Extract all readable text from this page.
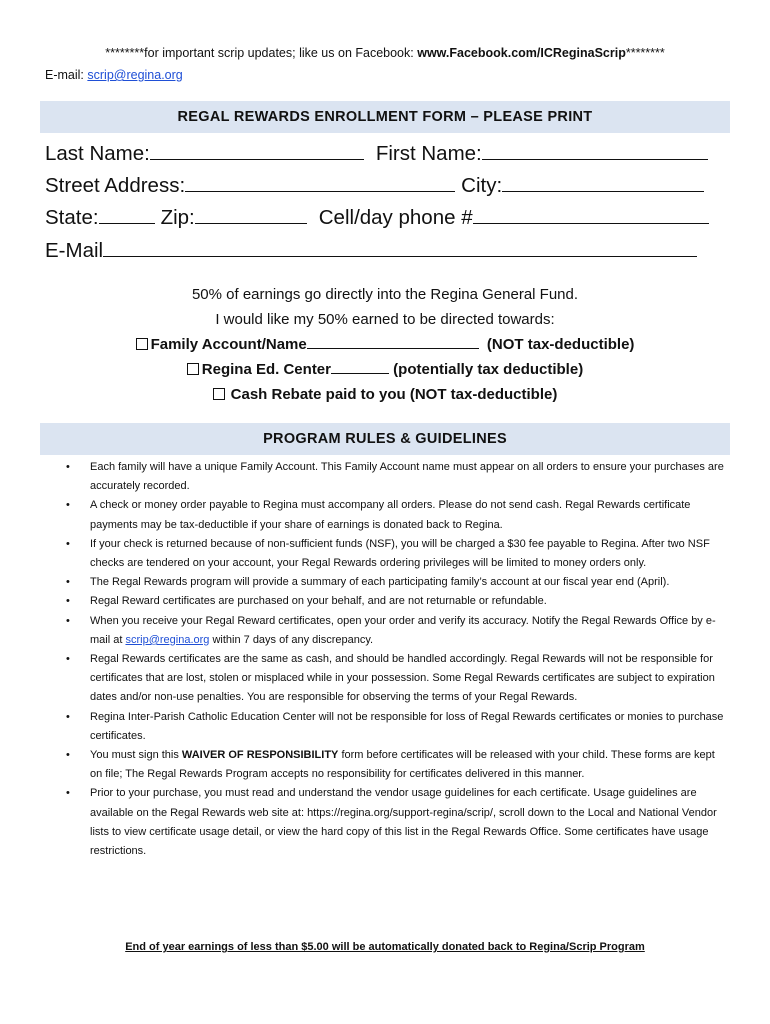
********for important scrip updates; like us on Facebook: www.Facebook.com/ICReginaScrip********
E-mail: scrip@regina.org
REGAL REWARDS ENROLLMENT FORM – PLEASE PRINT
Last Name:	First Name:
Street Address:	City:
State:	Zip:	Cell/day phone #
E-Mail
50% of earnings go directly into the Regina General Fund.
I would like my 50% earned to be directed towards:
Family Account/Name	(NOT tax-deductible)
Regina Ed. Center	(potentially tax deductible)
Cash Rebate paid to you (NOT tax-deductible)
PROGRAM RULES & GUIDELINES
• Each family will have a unique Family Account. This Family Account name must appear on all orders to ensure your purchases are accurately recorded.
• A check or money order payable to Regina must accompany all orders. Please do not send cash. Regal Rewards certificate payments may be tax-deductible if your share of earnings is donated back to Regina.
• If your check is returned because of non-sufficient funds (NSF), you will be charged a $30 fee payable to Regina. After two NSF checks are tendered on your account, your Regal Rewards ordering privileges will be limited to money orders only.
• The Regal Rewards program will provide a summary of each participating family’s account at our fiscal year end (April).
• Regal Reward certificates are purchased on your behalf, and are not returnable or refundable.
• When you receive your Regal Reward certificates, open your order and verify its accuracy. Notify the Regal Rewards Office by e-mail at scrip@regina.org within 7 days of any discrepancy.
• Regal Rewards certificates are the same as cash, and should be handled accordingly. Regal Rewards will not be responsible for certificates that are lost, stolen or misplaced while in your possession. Some Regal Rewards certificates are subject to expiration dates and/or non-use penalties. You are responsible for observing the terms of your Regal Rewards.
• Regina Inter-Parish Catholic Education Center will not be responsible for loss of Regal Rewards certificates or monies to purchase certificates.
• You must sign this WAIVER OF RESPONSIBILITY form before certificates will be released with your child. These forms are kept on file; The Regal Rewards Program accepts no responsibility for certificates delivered in this manner.
• Prior to your purchase, you must read and understand the vendor usage guidelines for each certificate. Usage guidelines are available on the Regal Rewards web site at: https://regina.org/support-regina/scrip/, scroll down to the Local and National Vendor lists to view certificate usage detail, or view the hard copy of this list in the Regal Rewards Office. Some certificates have usage restrictions.
End of year earnings of less than $5.00 will be automatically donated back to Regina/Scrip Program
